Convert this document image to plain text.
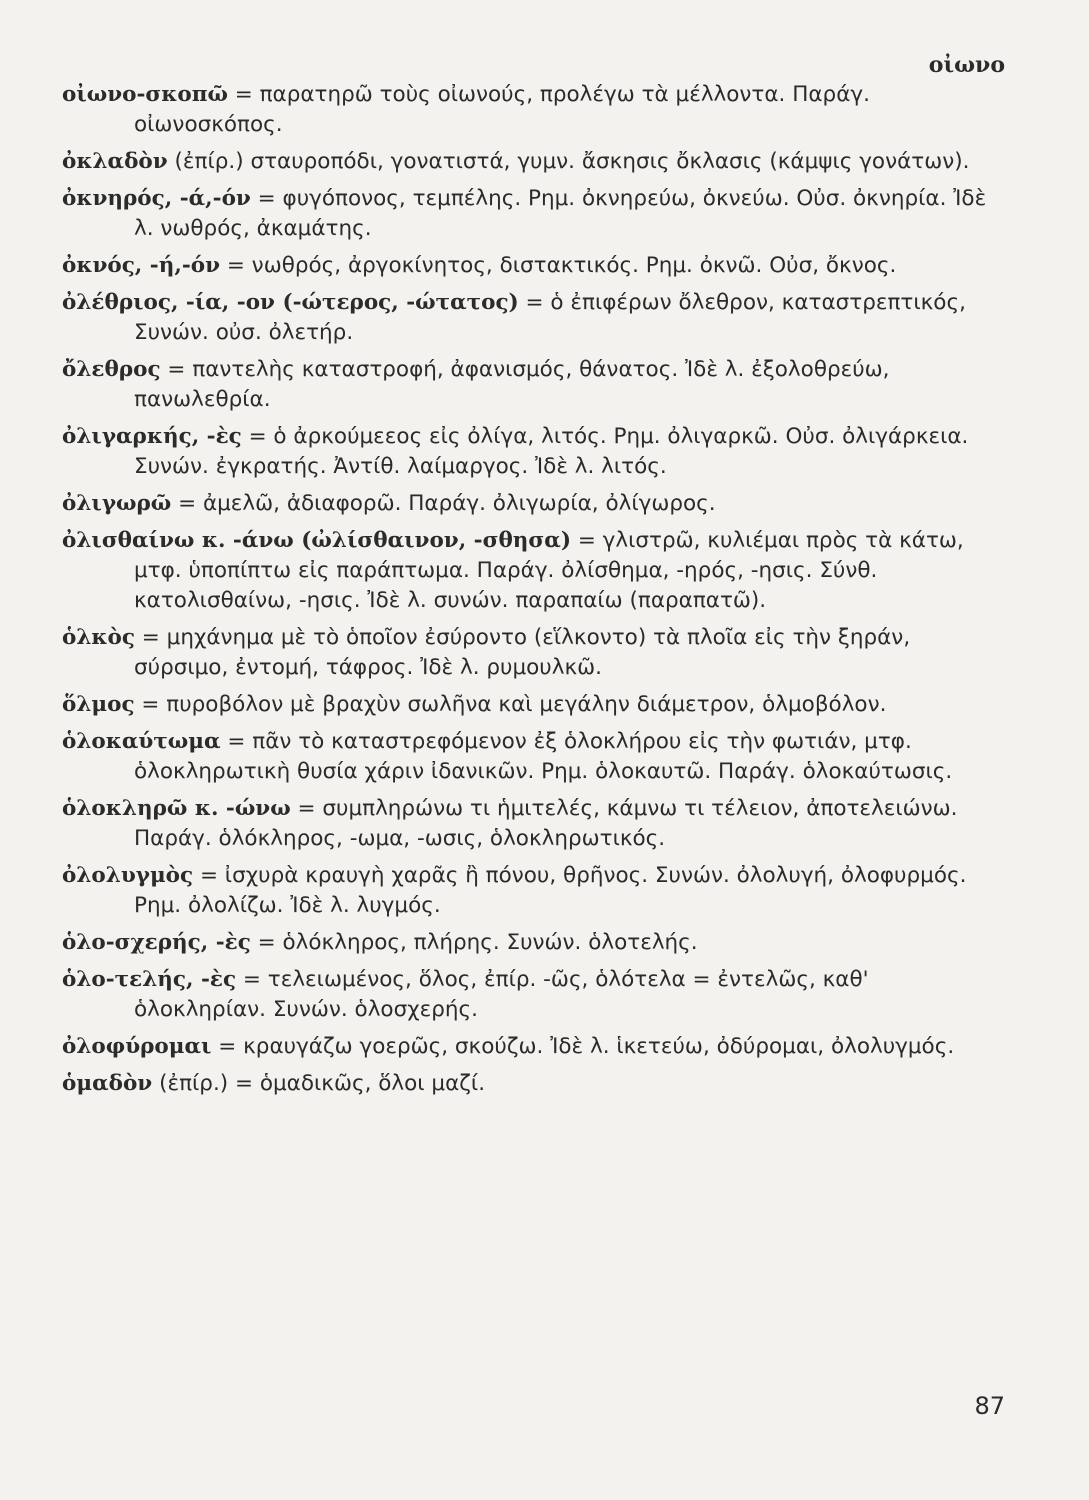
οἰωνο

οἰωνο-σκοπῶ = παρατηρῶ τοὺς οἰωνούς, προλέγω τὰ μέλλοντα. Παράγ. οἰωνοσκόπος.

ὀκλαδὸν (ἐπίρ.) σταυροπόδι, γονατιστά, γυμν. ἄσκησις ὄκλασις (κάμψις γονάτων).

ὀκνηρός, -ά,-όν = φυγόπονος, τεμπέλης. Ρημ. ὀκνηρεύω, ὀκνεύω. Οὐσ. ὀκνηρία. Ἰδὲ λ. νωθρός, ἀκαμάτης.

ὀκνός, -ή,-όν = νωθρός, ἀργοκίνητος, διστακτικός. Ρημ. ὀκνῶ. Οὐσ, ὄκνος.

ὀλέθριος, -ία, -ον (-ώτερος, -ώτατος) = ὁ ἐπιφέρων ὄλεθρον, καταστρεπτικός, Συνών. οὐσ. ὀλετήρ.

ὄλεθρος = παντελὴς καταστροφή, ἀφανισμός, θάνατος. Ἰδὲ λ. ἐξολοθρεύω, πανωλεθρία.

ὀλιγαρκής, -ὲς = ὁ ἀρκούμεεος εἰς ὀλίγα, λιτός. Ρημ. ὀλιγαρκῶ. Οὐσ. ὀλιγάρκεια. Συνών. ἐγκρατής. Ἀντίθ. λαίμαργος. Ἰδὲ λ. λιτός.

ὀλιγωρῶ = ἀμελῶ, ἀδιαφορῶ. Παράγ. ὀλιγωρία, ὀλίγωρος.

ὀλισθαίνω κ. -άνω (ὠλίσθαινον, -σθησα) = γλιστρῶ, κυλιέμαι πρὸς τὰ κάτω, μτφ. ὑποπίπτω εἰς παράπτωμα. Παράγ. ὀλίσθημα, -ηρός, -ησις. Σύνθ. κατολισθαίνω, -ησις. Ἰδὲ λ. συνών. παραπαίω (παραπατῶ).

ὁλκὸς = μηχάνημα μὲ τὸ ὁποῖον ἐσύροντο (εἵλκοντο) τὰ πλοῖα εἰς τὴν ξηράν, σύρσιμο, ἐντομή, τάφρος. Ἰδὲ λ. ρυμουλκῶ.

ὅλμος = πυροβόλον μὲ βραχὺν σωλῆνα καὶ μεγάλην διάμετρον, ὁλμοβόλον.

ὁλοκαύτωμα = πᾶν τὸ καταστρεφόμενον ἐξ ὁλοκλήρου εἰς τὴν φωτιάν, μτφ. ὁλοκληρωτικὴ θυσία χάριν ἰδανικῶν. Ρημ. ὁλοκαυτῶ. Παράγ. ὁλοκαύτωσις.

ὁλοκληρῶ κ. -ώνω = συμπληρώνω τι ἡμιτελές, κάμνω τι τέλειον, ἀποτελειώνω. Παράγ. ὁλόκληρος, -ωμα, -ωσις, ὁλοκληρωτικός.

ὀλολυγμὸς = ἰσχυρὰ κραυγὴ χαρᾶς ἢ πόνου, θρῆνος. Συνών. ὀλολυγή, ὀλοφυρμός. Ρημ. ὀλολίζω. Ἰδὲ λ. λυγμός.

ὁλο-σχερής, -ὲς = ὁλόκληρος, πλήρης. Συνών. ὁλοτελής.

ὁλο-τελής, -ὲς = τελειωμένος, ὅλος, ἐπίρ. -ῶς, ὁλότελα = ἐντελῶς, καθ' ὁλοκληρίαν. Συνών. ὁλοσχερής.

ὀλοφύρομαι = κραυγάζω γοερῶς, σκούζω. Ἰδὲ λ. ἱκετεύω, ὀδύρομαι, ὀλολυγμός.

ὁμαδὸν (ἐπίρ.) = ὁμαδικῶς, ὅλοι μαζί.

87
